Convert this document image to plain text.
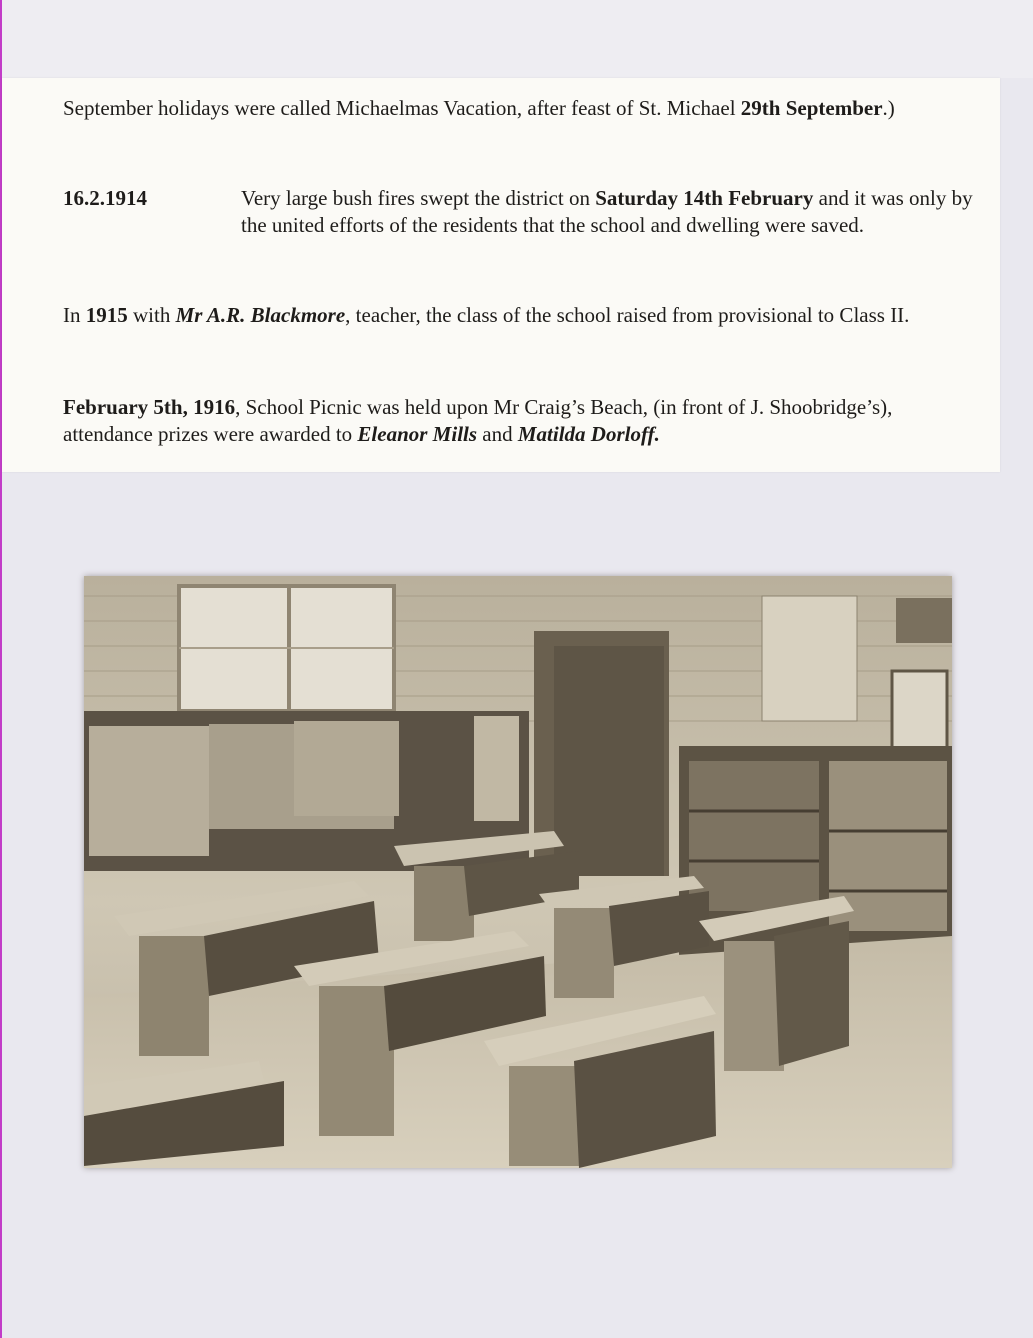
September holidays were called Michaelmas Vacation, after feast of St. Michael 29th September.)

16.2.1914	Very large bush fires swept the district on Saturday 14th February and it was only by the united efforts of the residents that the school and dwelling were saved.

In 1915 with Mr A.R. Blackmore, teacher, the class of the school raised from provisional to Class II.

February 5th, 1916, School Picnic was held upon Mr Craig’s Beach, (in front of J. Shoobridge’s), attendance prizes were awarded to Eleanor Mills and Matilda Dorloff.
